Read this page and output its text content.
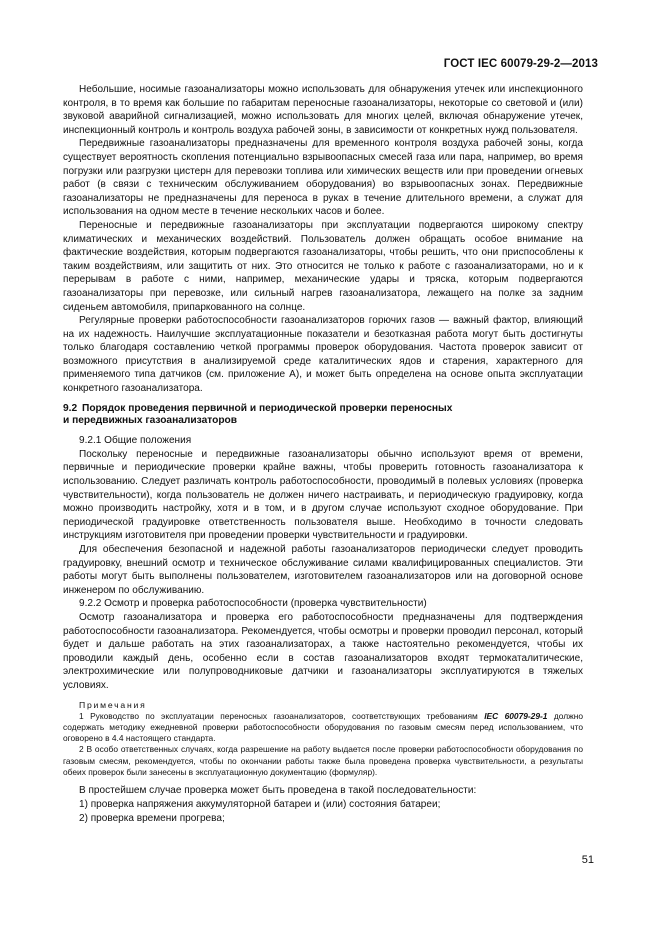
ГОСТ IEC 60079-29-2—2013

Небольшие, носимые газоанализаторы можно использовать для обнаружения утечек или инспекционного контроля, в то время как большие по габаритам переносные газоанализаторы, некоторые со световой и (или) звуковой аварийной сигнализацией, можно использовать для многих целей, включая обнаружение утечек, инспекционный контроль и контроль воздуха рабочей зоны, в зависимости от конкретных нужд пользователя.

Передвижные газоанализаторы предназначены для временного контроля воздуха рабочей зоны, когда существует вероятность скопления потенциально взрывоопасных смесей газа или пара, например, во время погрузки или разгрузки цистерн для перевозки топлива или химических веществ или при проведении огневых работ (в связи с техническим обслуживанием оборудования) во взрывоопасных зонах. Передвижные газоанализаторы не предназначены для переноса в руках в течение длительного времени, а служат для использования на одном месте в течение нескольких часов и более.

Переносные и передвижные газоанализаторы при эксплуатации подвергаются широкому спектру климатических и механических воздействий. Пользователь должен обращать особое внимание на фактические воздействия, которым подвергаются газоанализаторы, чтобы решить, что они приспособлены к таким воздействиям, или защитить от них. Это относится не только к работе с газоанализаторами, но и к перерывам в работе с ними, например, механические удары и тряска, которым подвергаются газоанализаторы при перевозке, или сильный нагрев газоанализатора, лежащего на полке за задним сиденьем автомобиля, припаркованного на солнце.

Регулярные проверки работоспособности газоанализаторов горючих газов — важный фактор, влияющий на их надежность. Наилучшие эксплуатационные показатели и безотказная работа могут быть достигнуты только благодаря составлению четкой программы проверок оборудования. Частота проверок зависит от возможного присутствия в анализируемой среде каталитических ядов и старения, характерного для применяемого типа датчиков (см. приложение А), и может быть определена на основе опыта эксплуатации конкретного газоанализатора.

9.2 Порядок проведения первичной и периодической проверки переносных
и передвижных газоанализаторов

9.2.1 Общие положения

Поскольку переносные и передвижные газоанализаторы обычно используют время от времени, первичные и периодические проверки крайне важны, чтобы проверить готовность газоанализатора к использованию. Следует различать контроль работоспособности, проводимый в полевых условиях (проверка чувствительности), когда пользователь не должен ничего настраивать, и периодическую градуировку, когда можно производить настройку, хотя и в том, и в другом случае используют сходное оборудование. При периодической градуировке ответственность пользователя выше. Необходимо в точности следовать инструкциям изготовителя при проведении проверки чувствительности и градуировки.

Для обеспечения безопасной и надежной работы газоанализаторов периодически следует проводить градуировку, внешний осмотр и техническое обслуживание силами квалифицированных специалистов. Эти работы могут быть выполнены пользователем, изготовителем газоанализаторов или на договорной основе инженером по обслуживанию.

9.2.2 Осмотр и проверка работоспособности (проверка чувствительности)

Осмотр газоанализатора и проверка его работоспособности предназначены для подтверждения работоспособности газоанализатора. Рекомендуется, чтобы осмотры и проверки проводил персонал, который будет и дальше работать на этих газоанализаторах, а также настоятельно рекомендуется, чтобы их проводили каждый день, особенно если в состав газоанализаторов входят термокаталитические, электрохимические или полупроводниковые датчики и газоанализаторы эксплуатируются в тяжелых условиях.

Примечания

1 Руководство по эксплуатации переносных газоанализаторов, соответствующих требованиям IEC 60079-29-1 должно содержать методику ежедневной проверки работоспособности оборудования по газовым смесям перед использованием, что оговорено в 4.4 настоящего стандарта.

2 В особо ответственных случаях, когда разрешение на работу выдается после проверки работоспособности оборудования по газовым смесям, рекомендуется, чтобы по окончании работы также была проведена проверка чувствительности, а результаты обеих проверок были занесены в эксплуатационную документацию (формуляр).

В простейшем случае проверка может быть проведена в такой последовательности:

1) проверка напряжения аккумуляторной батареи и (или) состояния батареи;

2) проверка времени прогрева;

51
